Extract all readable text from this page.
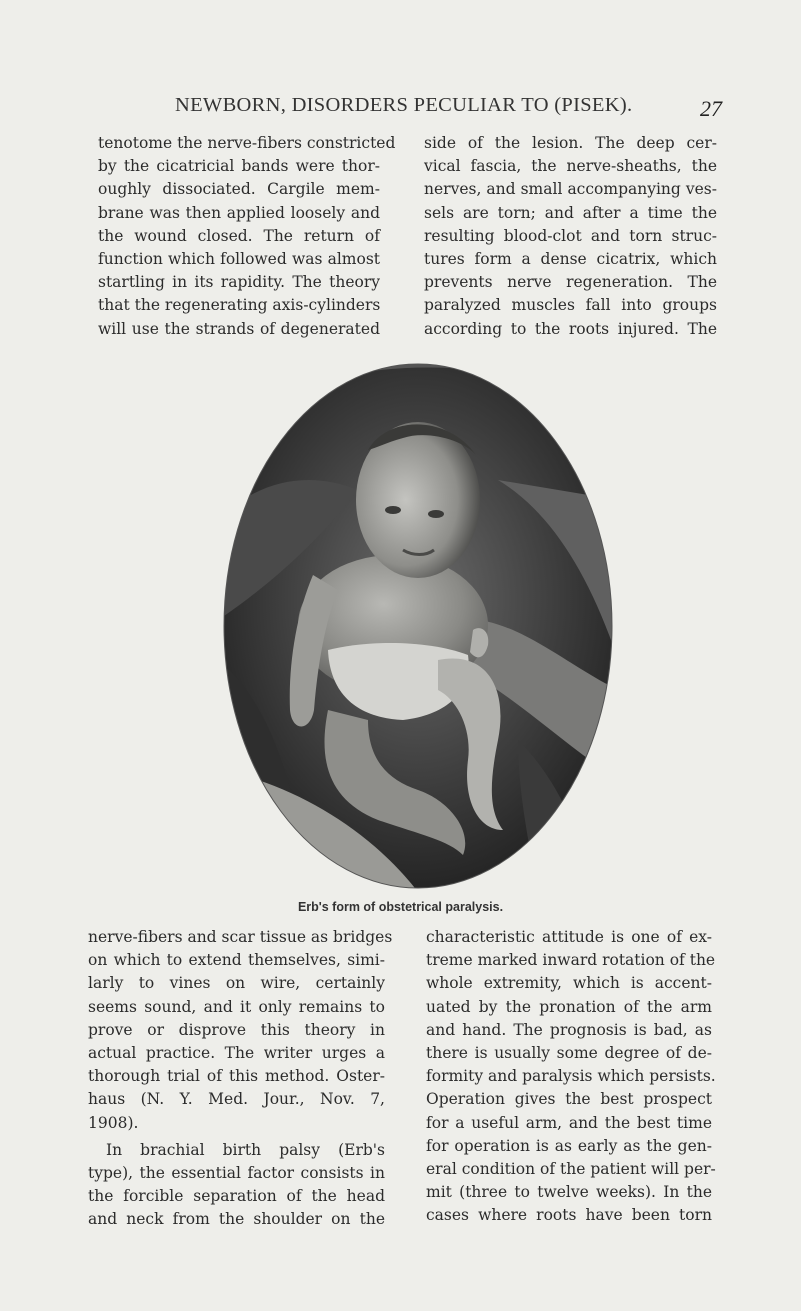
NEWBORN, DISORDERS PECULIAR TO (PISEK).	27

tenotome the nerve-fibers constricted
by the cicatricial bands were thor-
oughly dissociated. Cargile mem-
brane was then applied loosely and
the wound closed. The return of
function which followed was almost
startling in its rapidity. The theory
that the regenerating axis-cylinders
will use the strands of degenerated

side of the lesion. The deep cer-
vical fascia, the nerve-sheaths, the
nerves, and small accompanying ves-
sels are torn; and after a time the
resulting blood-clot and torn struc-
tures form a dense cicatrix, which
prevents nerve regeneration. The
paralyzed muscles fall into groups
according to the roots injured. The

Erb's form of obstetrical paralysis.

nerve-fibers and scar tissue as bridges
on which to extend themselves, simi-
larly to vines on wire, certainly
seems sound, and it only remains to
prove or disprove this theory in
actual practice. The writer urges a
thorough trial of this method. Oster-
haus (N. Y. Med. Jour., Nov. 7,
1908).

In brachial birth palsy (Erb's
type), the essential factor consists in
the forcible separation of the head
and neck from the shoulder on the

characteristic attitude is one of ex-
treme marked inward rotation of the
whole extremity, which is accent-
uated by the pronation of the arm
and hand. The prognosis is bad, as
there is usually some degree of de-
formity and paralysis which persists.
Operation gives the best prospect
for a useful arm, and the best time
for operation is as early as the gen-
eral condition of the patient will per-
mit (three to twelve weeks). In the
cases where roots have been torn
